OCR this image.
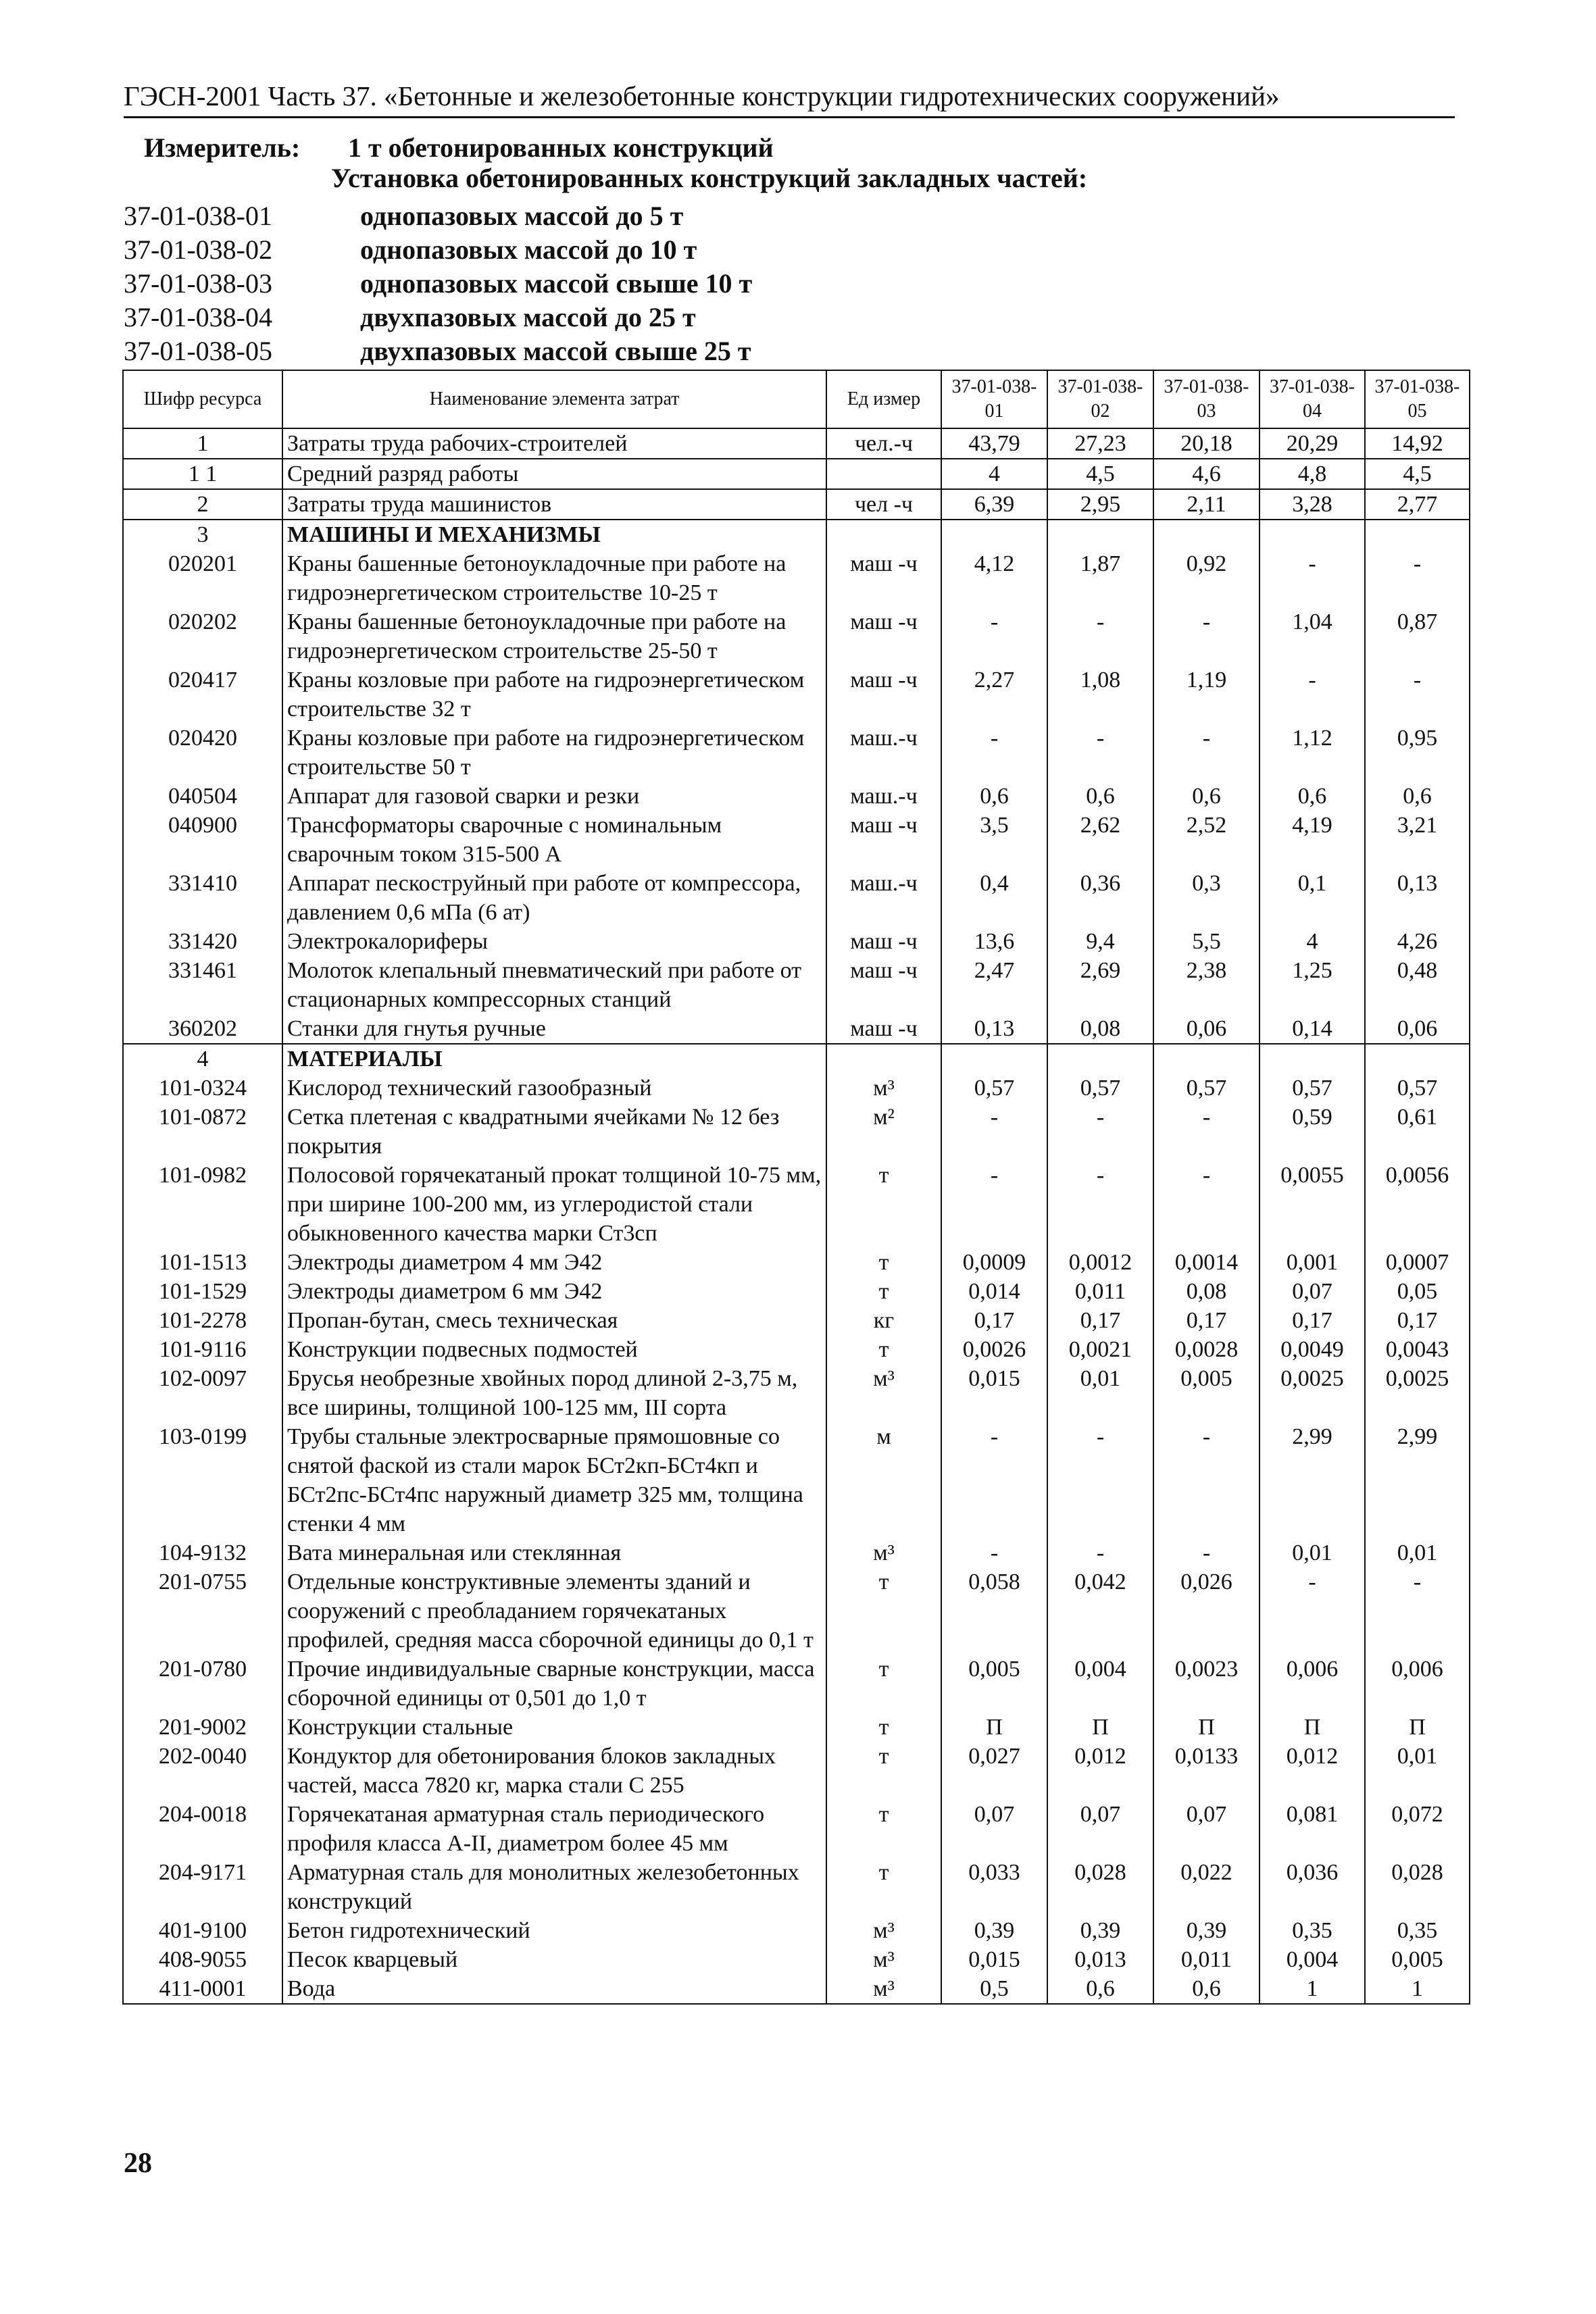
ГЭСН-2001 Часть 37. «Бетонные и железобетонные конструкции гидротехнических сооружений»
Измеритель: 1 т обетонированных конструкций
Установка обетонированных конструкций закладных частей:
37-01-038-01	однопазовых массой до 5 т
37-01-038-02	однопазовых массой до 10 т
37-01-038-03	однопазовых массой свыше 10 т
37-01-038-04	двухпазовых массой до 25 т
37-01-038-05	двухпазовых массой свыше 25 т
Шифр ресурса	Наименование элемента затрат	Ед измер	37-01-038-01	37-01-038-02	37-01-038-03	37-01-038-04	37-01-038-05
1	Затраты труда рабочих-строителей	чел.-ч	43,79	27,23	20,18	20,29	14,92
1 1	Средний разряд работы		4	4,5	4,6	4,8	4,5
2	Затраты труда машинистов	чел -ч	6,39	2,95	2,11	3,28	2,77
3	МАШИНЫ И МЕХАНИЗМЫ						
020201	Краны башенные бетоноукладочные при работе на гидроэнергетическом строительстве 10-25 т	маш -ч	4,12	1,87	0,92	-	-
020202	Краны башенные бетоноукладочные при работе на гидроэнергетическом строительстве 25-50 т	маш -ч	-	-	-	1,04	0,87
020417	Краны козловые при работе на гидроэнергетическом строительстве 32 т	маш -ч	2,27	1,08	1,19	-	-
020420	Краны козловые при работе на гидроэнергетическом строительстве 50 т	маш.-ч	-	-	-	1,12	0,95
040504	Аппарат для газовой сварки и резки	маш.-ч	0,6	0,6	0,6	0,6	0,6
040900	Трансформаторы сварочные с номинальным сварочным током 315-500 А	маш -ч	3,5	2,62	2,52	4,19	3,21
331410	Аппарат пескоструйный при работе от компрессора, давлением 0,6 мПа (6 ат)	маш.-ч	0,4	0,36	0,3	0,1	0,13
331420	Электрокалориферы	маш -ч	13,6	9,4	5,5	4	4,26
331461	Молоток клепальный пневматический при работе от стационарных компрессорных станций	маш -ч	2,47	2,69	2,38	1,25	0,48
360202	Станки для гнутья ручные	маш -ч	0,13	0,08	0,06	0,14	0,06
4	МАТЕРИАЛЫ						
101-0324	Кислород технический газообразный	м³	0,57	0,57	0,57	0,57	0,57
101-0872	Сетка плетеная с квадратными ячейками № 12 без покрытия	м²	-	-	-	0,59	0,61
101-0982	Полосовой горячекатаный прокат толщиной 10-75 мм, при ширине 100-200 мм, из углеродистой стали обыкновенного качества марки Ст3сп	т	-	-	-	0,0055	0,0056
101-1513	Электроды диаметром 4 мм Э42	т	0,0009	0,0012	0,0014	0,001	0,0007
101-1529	Электроды диаметром 6 мм Э42	т	0,014	0,011	0,08	0,07	0,05
101-2278	Пропан-бутан, смесь техническая	кг	0,17	0,17	0,17	0,17	0,17
101-9116	Конструкции подвесных подмостей	т	0,0026	0,0021	0,0028	0,0049	0,0043
102-0097	Брусья необрезные хвойных пород длиной 2-3,75 м, все ширины, толщиной 100-125 мм, III сорта	м³	0,015	0,01	0,005	0,0025	0,0025
103-0199	Трубы стальные электросварные прямошовные со снятой фаской из стали марок БСт2кп-БСт4кп и БСт2пс-БСт4пс наружный диаметр 325 мм, толщина стенки 4 мм	м	-	-	-	2,99	2,99
104-9132	Вата минеральная или стеклянная	м³	-	-	-	0,01	0,01
201-0755	Отдельные конструктивные элементы зданий и сооружений с преобладанием горячекатаных профилей, средняя масса сборочной единицы до 0,1 т	т	0,058	0,042	0,026	-	-
201-0780	Прочие индивидуальные сварные конструкции, масса сборочной единицы от 0,501 до 1,0 т	т	0,005	0,004	0,0023	0,006	0,006
201-9002	Конструкции стальные	т	П	П	П	П	П
202-0040	Кондуктор для обетонирования блоков закладных частей, масса 7820 кг, марка стали С 255	т	0,027	0,012	0,0133	0,012	0,01
204-0018	Горячекатаная арматурная сталь периодического профиля класса А-II, диаметром более 45 мм	т	0,07	0,07	0,07	0,081	0,072
204-9171	Арматурная сталь для монолитных железобетонных конструкций	т	0,033	0,028	0,022	0,036	0,028
401-9100	Бетон гидротехнический	м³	0,39	0,39	0,39	0,35	0,35
408-9055	Песок кварцевый	м³	0,015	0,013	0,011	0,004	0,005
411-0001	Вода	м³	0,5	0,6	0,6	1	1
28
